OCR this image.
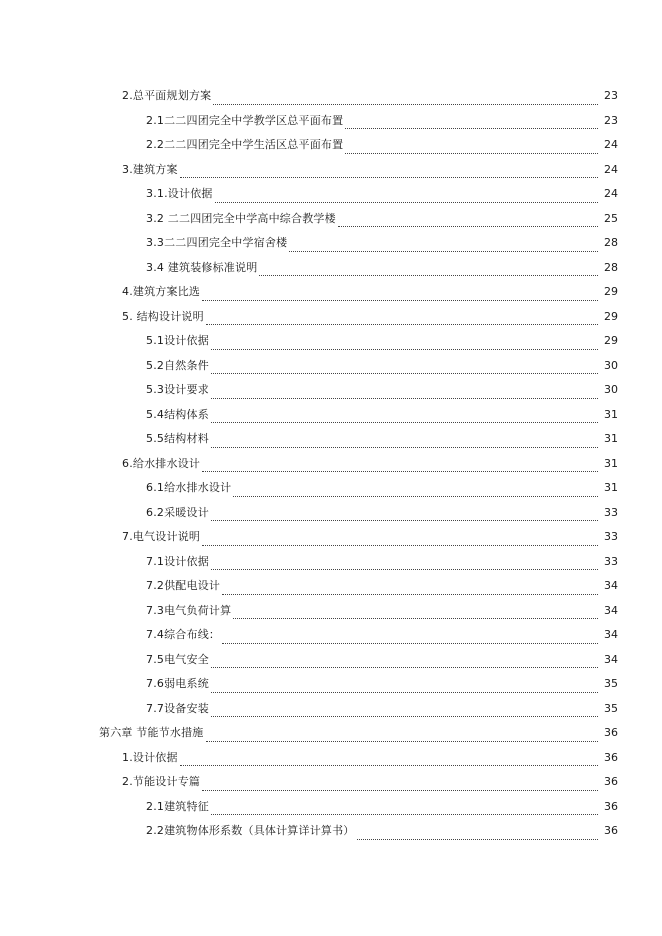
2.总平面规划方案	23
2.1二二四团完全中学教学区总平面布置	23
2.2二二四团完全中学生活区总平面布置	24
3.建筑方案	24
3.1.设计依据	24
3.2 二二四团完全中学高中综合教学楼	25
3.3二二四团完全中学宿舍楼	28
3.4 建筑装修标准说明	28
4.建筑方案比选	29
5. 结构设计说明	29
5.1设计依据	29
5.2自然条件	30
5.3设计要求	30
5.4结构体系	31
5.5结构材料	31
6.给水排水设计	31
6.1给水排水设计	31
6.2采暖设计	33
7.电气设计说明	33
7.1设计依据	33
7.2供配电设计	34
7.3电气负荷计算	34
7.4综合布线：	34
7.5电气安全	34
7.6弱电系统	35
7.7设备安装	35
第六章 节能节水措施	36
1.设计依据	36
2.节能设计专篇	36
2.1建筑特征	36
2.2建筑物体形系数（具体计算详计算书）	36
